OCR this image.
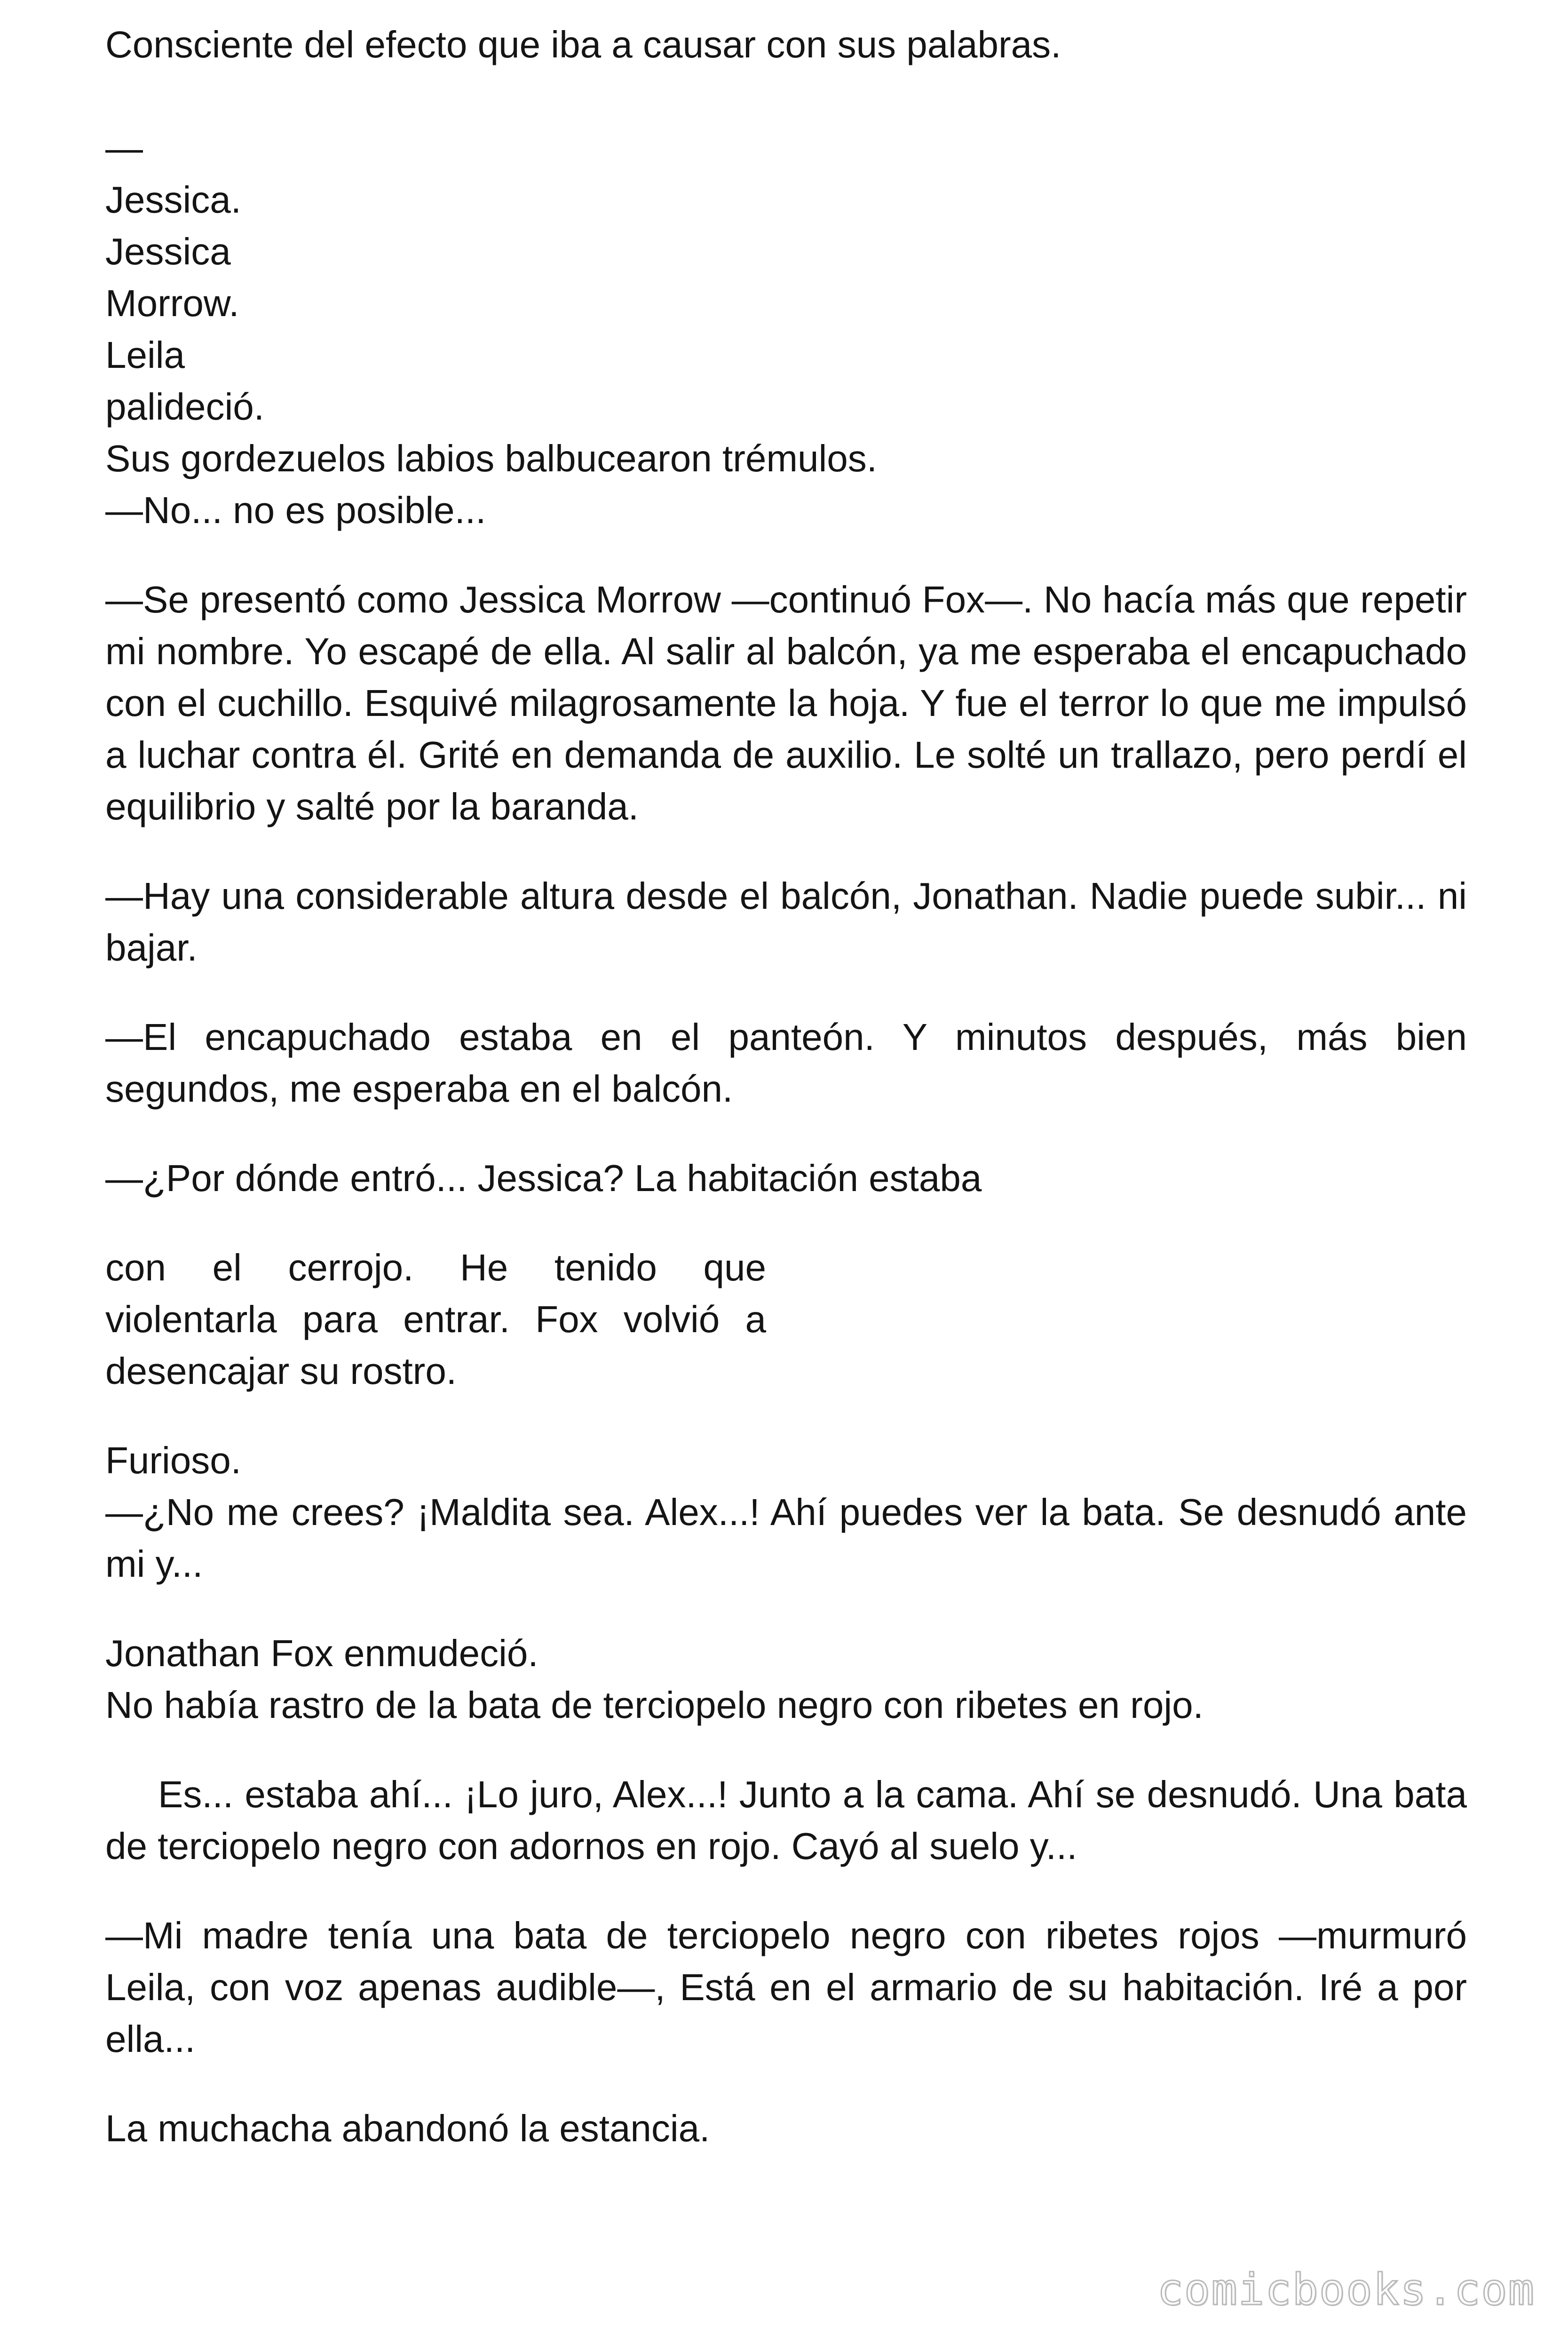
Consciente del efecto que iba a causar con sus palabras.

—

Jessica.

Jessica

Morrow.

Leila

palideció.

Sus gordezuelos labios balbucearon trémulos.

—No... no es posible...

—Se presentó como Jessica Morrow —continuó Fox—. No hacía más que repetir mi nombre. Yo escapé de ella. Al salir al balcón, ya me esperaba el encapuchado con el cuchillo. Esquivé milagrosamente la hoja. Y fue el terror lo que me impulsó a luchar contra él. Grité en demanda de auxilio. Le solté un trallazo, pero perdí el equilibrio y salté por la baranda.

—Hay una considerable altura desde el balcón, Jonathan. Nadie puede subir... ni bajar.

—El encapuchado estaba en el panteón. Y minutos después, más bien segundos, me esperaba en el balcón.

—¿Por dónde entró... Jessica? La habitación estaba

con el cerrojo. He tenido que violentarla para entrar. Fox volvió a desencajar su rostro.

Furioso.

—¿No me crees? ¡Maldita sea. Alex...! Ahí puedes ver la bata. Se desnudó ante mi y...

Jonathan Fox enmudeció.

No había rastro de la bata de terciopelo negro con ribetes en rojo.

Es... estaba ahí... ¡Lo juro, Alex...! Junto a la cama. Ahí se desnudó. Una bata de terciopelo negro con adornos en rojo. Cayó al suelo y...

—Mi madre tenía una bata de terciopelo negro con ribetes rojos —murmuró Leila, con voz apenas audible—, Está en el armario de su habitación. Iré a por ella...

La muchacha abandonó la estancia.

comicbooks.com
